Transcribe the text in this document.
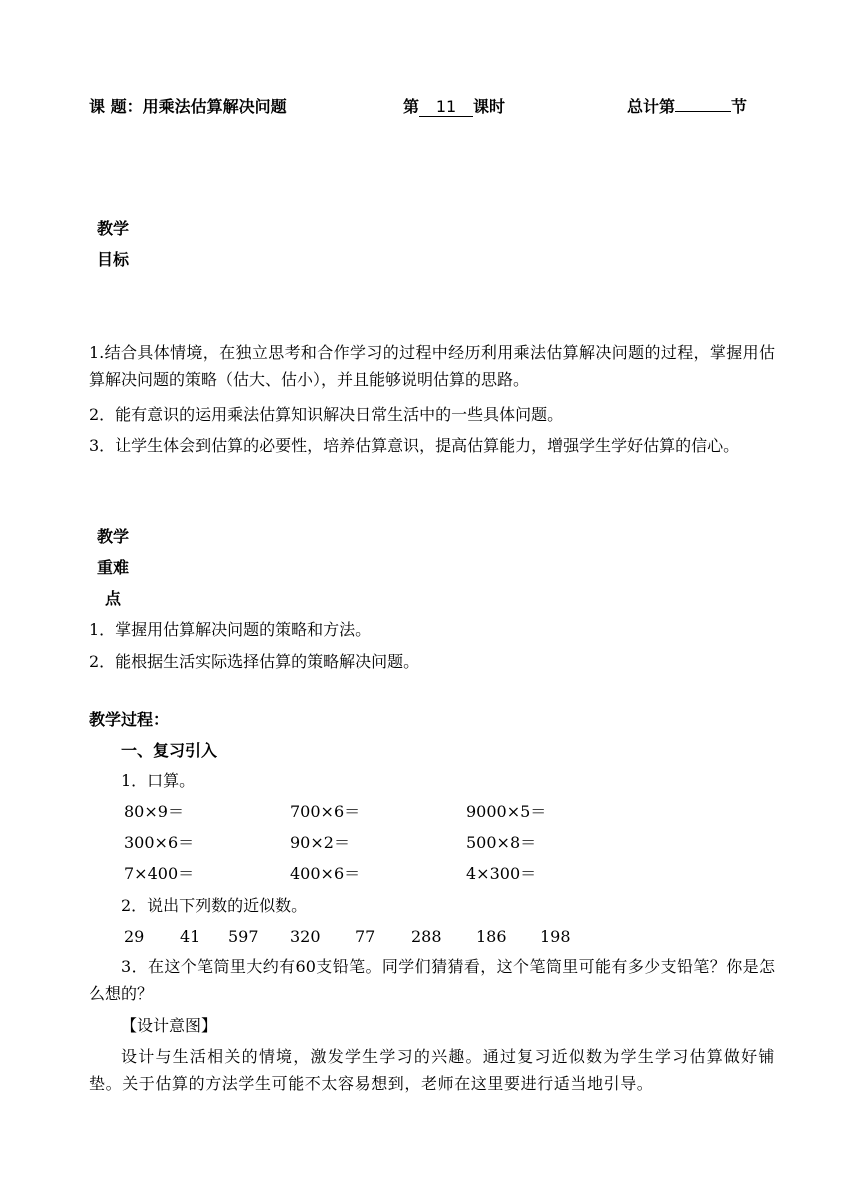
课 题：用乘法估算解决问题	第 11 课时	总计第	节
教学
目标
1.结合具体情境，在独立思考和合作学习的过程中经历利用乘法估算解决问题的过程，掌握用估算解决问题的策略（估大、估小），并且能够说明估算的思路。
2．能有意识的运用乘法估算知识解决日常生活中的一些具体问题。
3．让学生体会到估算的必要性，培养估算意识，提高估算能力，增强学生学好估算的信心。
教学
重难
点
1．掌握用估算解决问题的策略和方法。
2．能根据生活实际选择估算的策略解决问题。
教学过程：
一、复习引入
1．口算。
80×9＝	700×6＝	9000×5＝
300×6＝	90×2＝	500×8＝
7×400＝	400×6＝	4×300＝
2．说出下列数的近似数。
29 41 597 320 77 288 186 198
3．在这个笔筒里大约有60支铅笔。同学们猜猜看，这个笔筒里可能有多少支铅笔？你是怎么想的？
【设计意图】
设计与生活相关的情境，激发学生学习的兴趣。通过复习近似数为学生学习估算做好铺垫。关于估算的方法学生可能不太容易想到，老师在这里要进行适当地引导。
